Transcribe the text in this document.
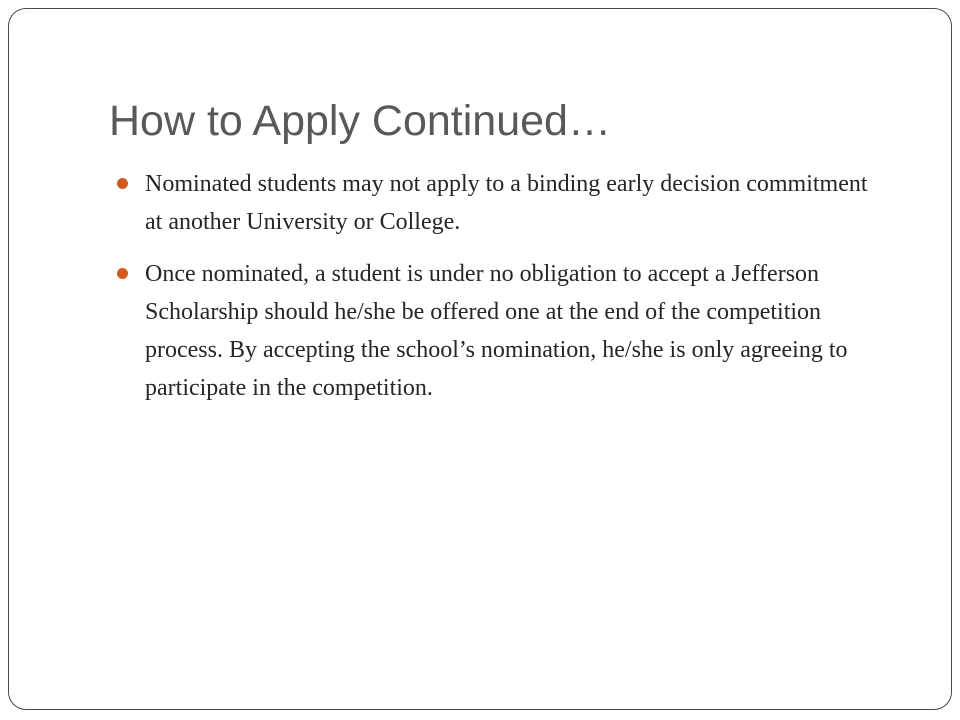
How to Apply Continued…
Nominated students may not apply to a binding early decision commitment at another University or College.
Once nominated, a student is under no obligation to accept a Jefferson Scholarship should he/she be offered one at the end of the competition process. By accepting the school’s nomination, he/she is only agreeing to participate in the competition.
